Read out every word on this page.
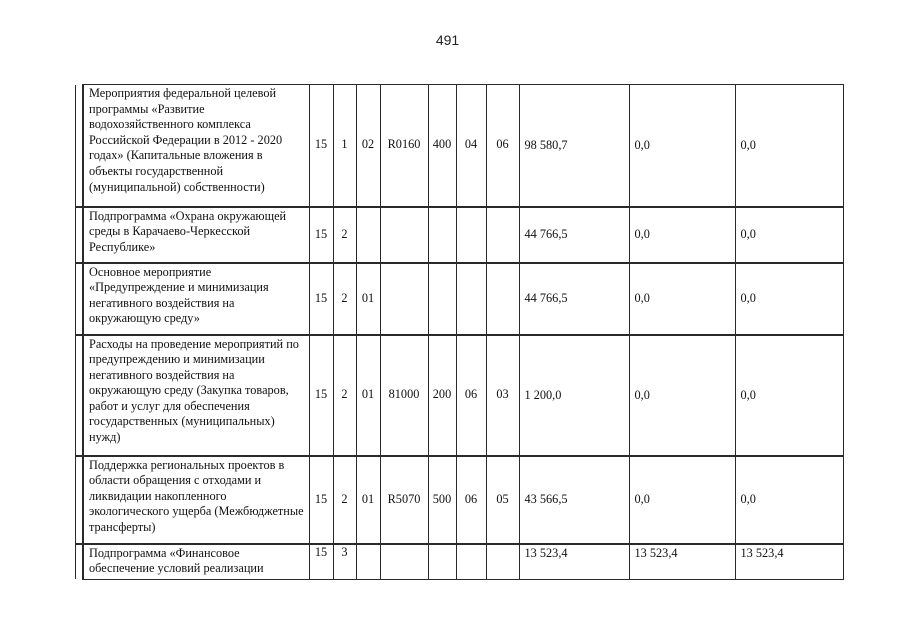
491
	Мероприятия федеральной целевой программы «Развитие водохозяйственного комплекса Российской Федерации в 2012 - 2020 годах» (Капитальные вложения в объекты государственной (муниципальной) собственности)	15	1	02	R0160	400	04	06	98 580,7	0,0	0,0
	Подпрограмма «Охрана окружающей среды в Карачаево-Черкесской Республике»	15	2						44 766,5	0,0	0,0
	Основное мероприятие «Предупреждение и минимизация негативного воздействия на окружающую среду»	15	2	01					44 766,5	0,0	0,0
	Расходы на проведение мероприятий по предупреждению и минимизации негативного воздействия на окружающую среду (Закупка товаров, работ и услуг для обеспечения государственных (муниципальных) нужд)	15	2	01	81000	200	06	03	1 200,0	0,0	0,0
	Поддержка региональных проектов в области обращения с отходами и ликвидации накопленного экологического ущерба (Межбюджетные трансферты)	15	2	01	R5070	500	06	05	43 566,5	0,0	0,0
	Подпрограмма «Финансовое обеспечение условий реализации	15	3						13 523,4	13 523,4	13 523,4
